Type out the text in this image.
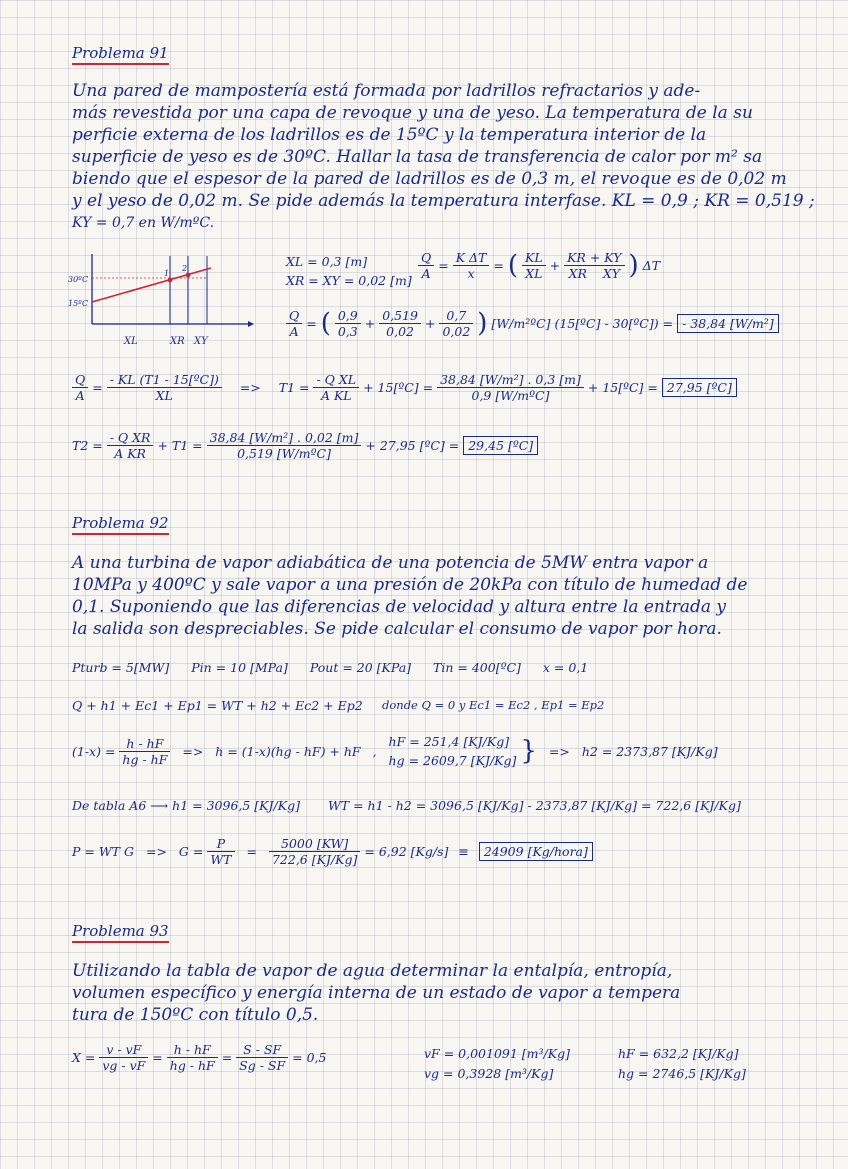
Problema 91
Una pared de mampostería está formada por ladrillos refractarios y ade-
más revestida por una capa de revoque y una de yeso. La temperatura de la su
perficie externa de los ladrillos es de 15ºC y la temperatura interior de la
superficie de yeso es de 30ºC. Hallar la tasa de transferencia de calor por m² sa
biendo que el espesor de la pared de ladrillos es de 0,3 m, el revoque es de 0,02 m
y el yeso de 0,02 m. Se pide además la temperatura interfase. KL = 0,9 ; KR = 0,519 ;
KY = 0,7 en W/mºC.
30ºC
15ºC
1
2
XL	XR XY
XL = 0,3 [m]
XR = XY = 0,02 $[m] \frac{Q}{A} = \frac{\text{K ΔT}}{x}$ = ( $\frac{KL}{XL} + \frac{KR + KY}{\text{XR XY}}$ ) ΔT
$\frac{Q}{A}$ = ( $\frac{0,9}{0,3} + \frac{0,519}{0,02} + \frac{0,7}{0,02}$ ) [W/m²ºC] (15[ºC] - 30[ºC]) = - 38,84 [W/m²]
$\frac{Q}{A} = \frac{\text{- KL (T1 - 15[ºC])}}{XL} => T1 = \frac{\text{- Q XL}}{\text{A KL}}$ + 15[ºC] = $\frac{\text{38,84 [W/m²] . 0,3 [m]}}{\text{0,9 [W/mºC]}}$ + 15[ºC] = 27,95 [ºC]
$T2 = \frac{\text{- Q XR}}{\text{A KR}} + T1 = \frac{\text{38,84 [W/m²] . 0,02 [m]}}{\text{0,519 [W/mºC]}} + 27,95$ [ºC] = 29,45 [ºC]
Problema 92
A una turbina de vapor adiabática de una potencia de 5MW entra vapor a
10MPa y 400ºC y sale vapor a una presión de 20kPa con título de humedad de
0,1. Suponiendo que las diferencias de velocidad y altura entre la entrada y
la salida son despreciables. Se pide calcular el consumo de vapor por hora.
Pturb = 5[MW] Pin = 10 [MPa] Pout = 20 [KPa] Tin = 400[ºC] x = 0,1
Q + h1 + Ec1 + Ep1 = WT + h2 + Ec2 + Ep2 donde Q = 0 y Ec1 = Ec2 , Ep1 = Ep2
$(1-x) = \frac{h - hF}{hg - hF} => h = (1-x)(hg - hF)$ + hF ,
hF = 251,4 [KJ/Kg]
hg = 2609,7 [KJ/Kg] } => h2 = 2373,87 [KJ/Kg]
De tabla A6 ⟶ h1 = 3096,5 [KJ/Kg] WT = h1 - h2 = 3096,5 [KJ/Kg] - 2373,87 [KJ/Kg] = 722,6 [KJ/Kg]
P = WT $G => G = \frac{P}{WT} = \frac{5000 [KW]}{722,6 [KJ/Kg]} = 6,92$ [Kg/s] ≡ 24909 [Kg/hora]
Problema 93
Utilizando la tabla de vapor de agua determinar la entalpía, entropía,
volumen específico y energía interna de un estado de vapor a tempera
tura de 150ºC con título 0,5.
$X = \frac{v - vF}{vg - vF} = \frac{h - hF}{hg - hF} = \frac{S - SF}{Sg - SF} = 0,5$	vF = 0,001091 [m³/Kg]
vg = 0,3928 [m³/Kg]
hF = 632,2 [KJ/Kg]
hg = 2746,5 [KJ/Kg]
